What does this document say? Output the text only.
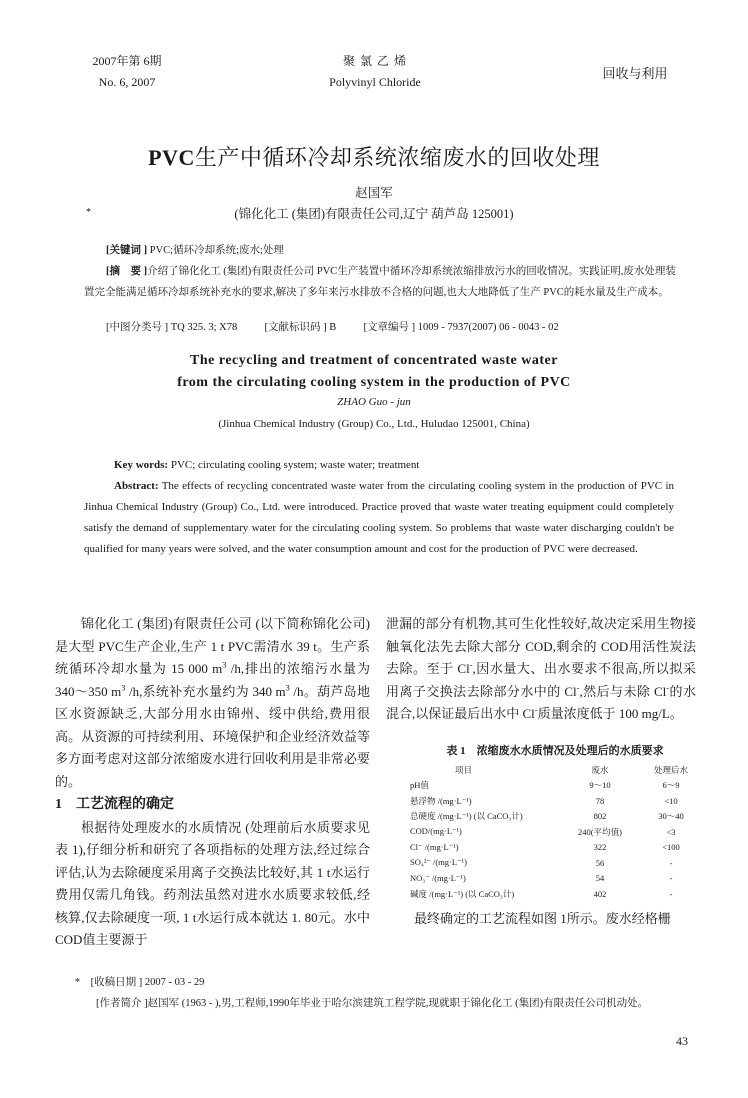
2007年第 6期
No. 6, 2007
聚 氯 乙 烯
Polyvinyl Chloride
回收与利用
PVC生产中循环冷却系统浓缩废水的回收处理
赵国军
*	(锦化化工 (集团)有限责任公司,辽宁 葫芦岛 125001)
[关键词 ] PVC;循环冷却系统;废水;处理
[摘　要 ]介绍了锦化化工 (集团)有限责任公司 PVC生产装置中循环冷却系统浓缩排放污水的回收情况。实践证明,废水处理装置完全能满足循环冷却系统补充水的要求,解决了多年来污水排放不合格的问题,也大大地降低了生产 PVC的耗水量及生产成本。
[中图分类号 ] TQ 325. 3; X78	[文献标识码 ] B	[文章编号 ] 1009 - 7937(2007) 06 - 0043 - 02
The recycling and treatment of concentrated waste water
from the circulating cooling system in the production of PVC
ZHAO Guo - jun
(Jinhua Chemical Industry (Group) Co., Ltd., Huludao 125001, China)
Key words: PVC; circulating cooling system; waste water; treatment
Abstract: The effects of recycling concentrated waste water from the circulating cooling system in the production of PVC in Jinhua Chemical Industry (Group) Co., Ltd. were introduced. Practice proved that waste water treating equipment could completely satisfy the demand of supplementary water for the circulating cooling system. So problems that waste water discharging couldn't be qualified for many years were solved, and the water consumption amount and cost for the production of PVC were decreased.

锦化化工 (集团)有限责任公司 (以下简称锦化公司)是大型 PVC生产企业,生产 1 t PVC需清水 39 t。生产系统循环冷却水量为 15 000 $m^3$ /h,排出的浓缩污水量为 340～350 $m^3$ /h,系统补充水量约为 340 $m^3$ /h。葫芦岛地区水资源缺乏,大部分用水由锦州、绥中供给,费用很高。从资源的可持续利用、环境保护和企业经济效益等多方面考虑对这部分浓缩废水进行回收利用是非常必要的。

1　工艺流程的确定

根据待处理废水的水质情况 (处理前后水质要求见表 1),仔细分析和研究了各项指标的处理方法,经过综合评估,认为去除硬度采用离子交换法比较好,其 1 t水运行费用仅需几角钱。药剂法虽然对进水水质要求较低,经核算,仅去除硬度一项, 1 t水运行成本就达 1. 80元。水中 COD值主要源于

泄漏的部分有机物,其可生化性较好,故决定采用生物接触氧化法先去除大部分 COD,剩余的 COD用活性炭法去除。至于 Cl-,因水量大、出水要求不很高,所以拟采用离子交换法去除部分水中的 Cl-,然后与未除 Cl-的水混合,以保证最后出水中 Cl-质量浓度低于 100 mg/L。

表 1　浓缩废水水质情况及处理后的水质要求
项目	废水	处理后水
pH值	9～10	6～9
悬浮物 /(mg·L⁻¹)	78	<10
总硬度 /(mg·L⁻¹) (以 CaCO₃计)	802	30～40
COD/(mg·L⁻¹)	240(平均值)	<3
Cl⁻ /(mg·L⁻¹)	322	<100
SO₄²⁻ /(mg·L⁻¹)	56	-
NO₃⁻ /(mg·L⁻¹)	54	-
碱度 /(mg·L⁻¹) (以 CaCO₃计)	402	-
最终确定的工艺流程如图 1所示。废水经格栅
* [收稿日期 ] 2007 - 03 - 29
[作者简介 ]赵国军 (1963 - ),男,工程师,1990年毕业于哈尔滨建筑工程学院,现就职于锦化化工 (集团)有限责任公司机动处。
43
